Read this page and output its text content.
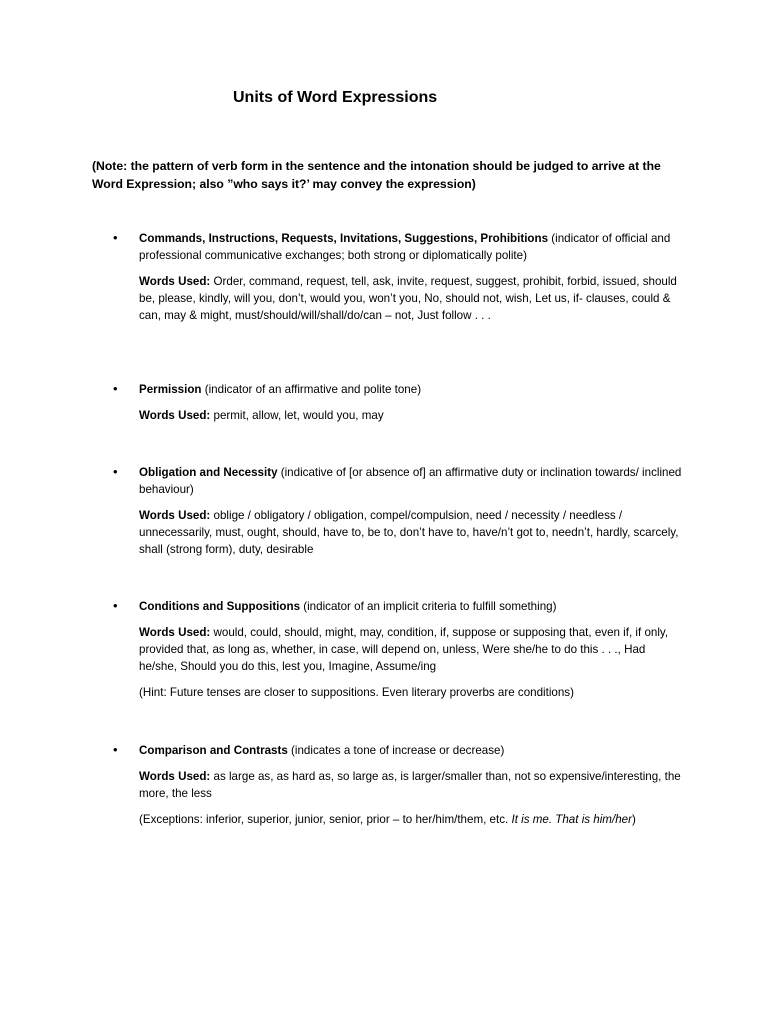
Units of Word Expressions

(Note: the pattern of verb form in the sentence and the intonation should be judged to arrive at the Word Expression; also ”who says it?’ may convey the expression)

•	Commands, Instructions, Requests, Invitations, Suggestions, Prohibitions (indicator of official and professional communicative exchanges; both strong or diplomatically polite)

Words Used: Order, command, request, tell, ask, invite, request, suggest, prohibit, forbid, issued, should be, please, kindly, will you, don’t, would you, won’t you, No, should not, wish, Let us, if- clauses, could & can, may & might, must/should/will/shall/do/can – not, Just follow . . .

•	Permission (indicator of an affirmative and polite tone)

Words Used: permit, allow, let, would you, may

•	Obligation and Necessity (indicative of [or absence of] an affirmative duty or inclination towards/ inclined behaviour)

Words Used: oblige / obligatory / obligation, compel/compulsion, need / necessity / needless / unnecessarily, must, ought, should, have to, be to, don’t have to, have/n’t got to, needn’t, hardly, scarcely, shall (strong form), duty, desirable

•	Conditions and Suppositions (indicator of an implicit criteria to fulfill something)

Words Used: would, could, should, might, may, condition, if, suppose or supposing that, even if, if only, provided that, as long as, whether, in case, will depend on, unless, Were she/he to do this . . ., Had he/she, Should you do this, lest you, Imagine, Assume/ing

(Hint: Future tenses are closer to suppositions. Even literary proverbs are conditions)

•	Comparison and Contrasts (indicates a tone of increase or decrease)

Words Used: as large as, as hard as, so large as, is larger/smaller than, not so expensive/interesting, the more, the less

(Exceptions: inferior, superior, junior, senior, prior – to her/him/them, etc. It is me. That is him/her)
